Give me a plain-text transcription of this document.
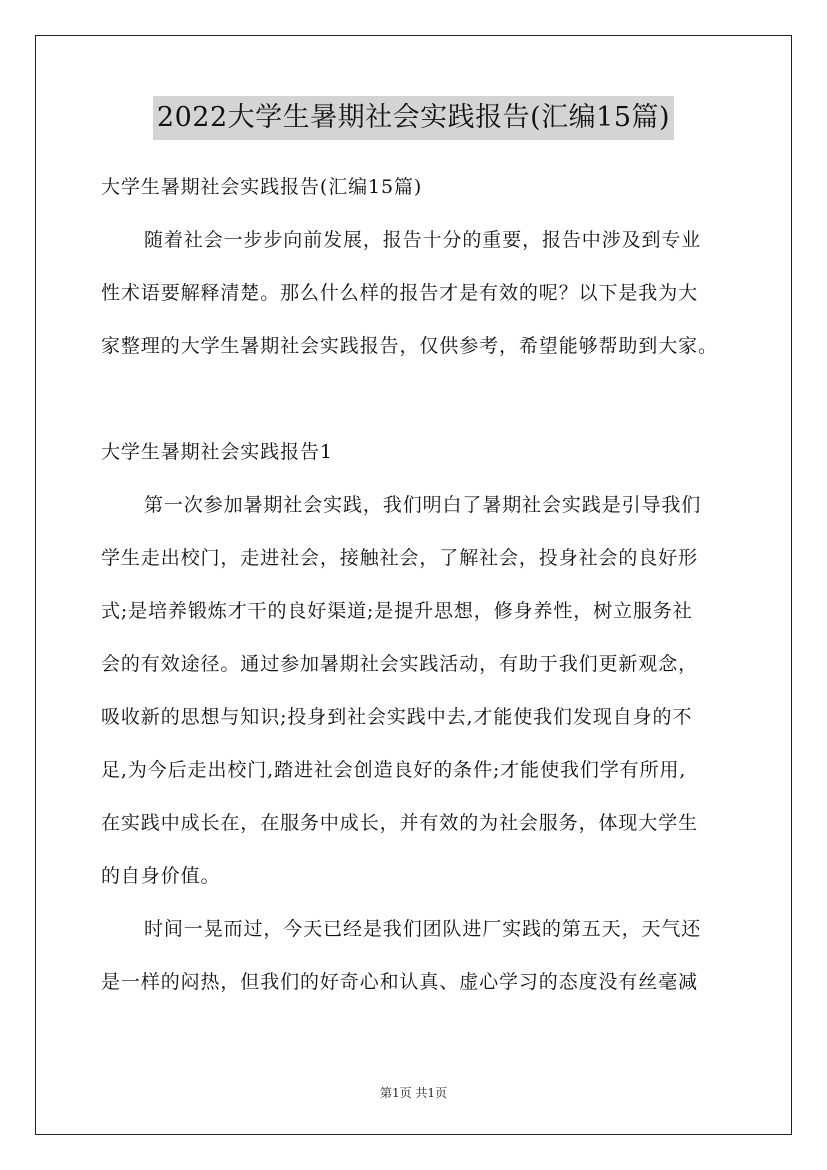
2022大学生暑期社会实践报告(汇编15篇)
大学生暑期社会实践报告(汇编15篇)
随着社会一步步向前发展，报告十分的重要，报告中涉及到专业
性术语要解释清楚。那么什么样的报告才是有效的呢？以下是我为大
家整理的大学生暑期社会实践报告，仅供参考，希望能够帮助到大家。
大学生暑期社会实践报告1
第一次参加暑期社会实践，我们明白了暑期社会实践是引导我们
学生走出校门，走进社会，接触社会，了解社会，投身社会的良好形
式;是培养锻炼才干的良好渠道;是提升思想，修身养性，树立服务社
会的有效途径。通过参加暑期社会实践活动，有助于我们更新观念，
吸收新的思想与知识;投身到社会实践中去,才能使我们发现自身的不
足,为今后走出校门,踏进社会创造良好的条件;才能使我们学有所用,
在实践中成长在，在服务中成长，并有效的为社会服务，体现大学生
的自身价值。
时间一晃而过，今天已经是我们团队进厂实践的第五天，天气还
是一样的闷热，但我们的好奇心和认真、虚心学习的态度没有丝毫减
第1页 共1页
